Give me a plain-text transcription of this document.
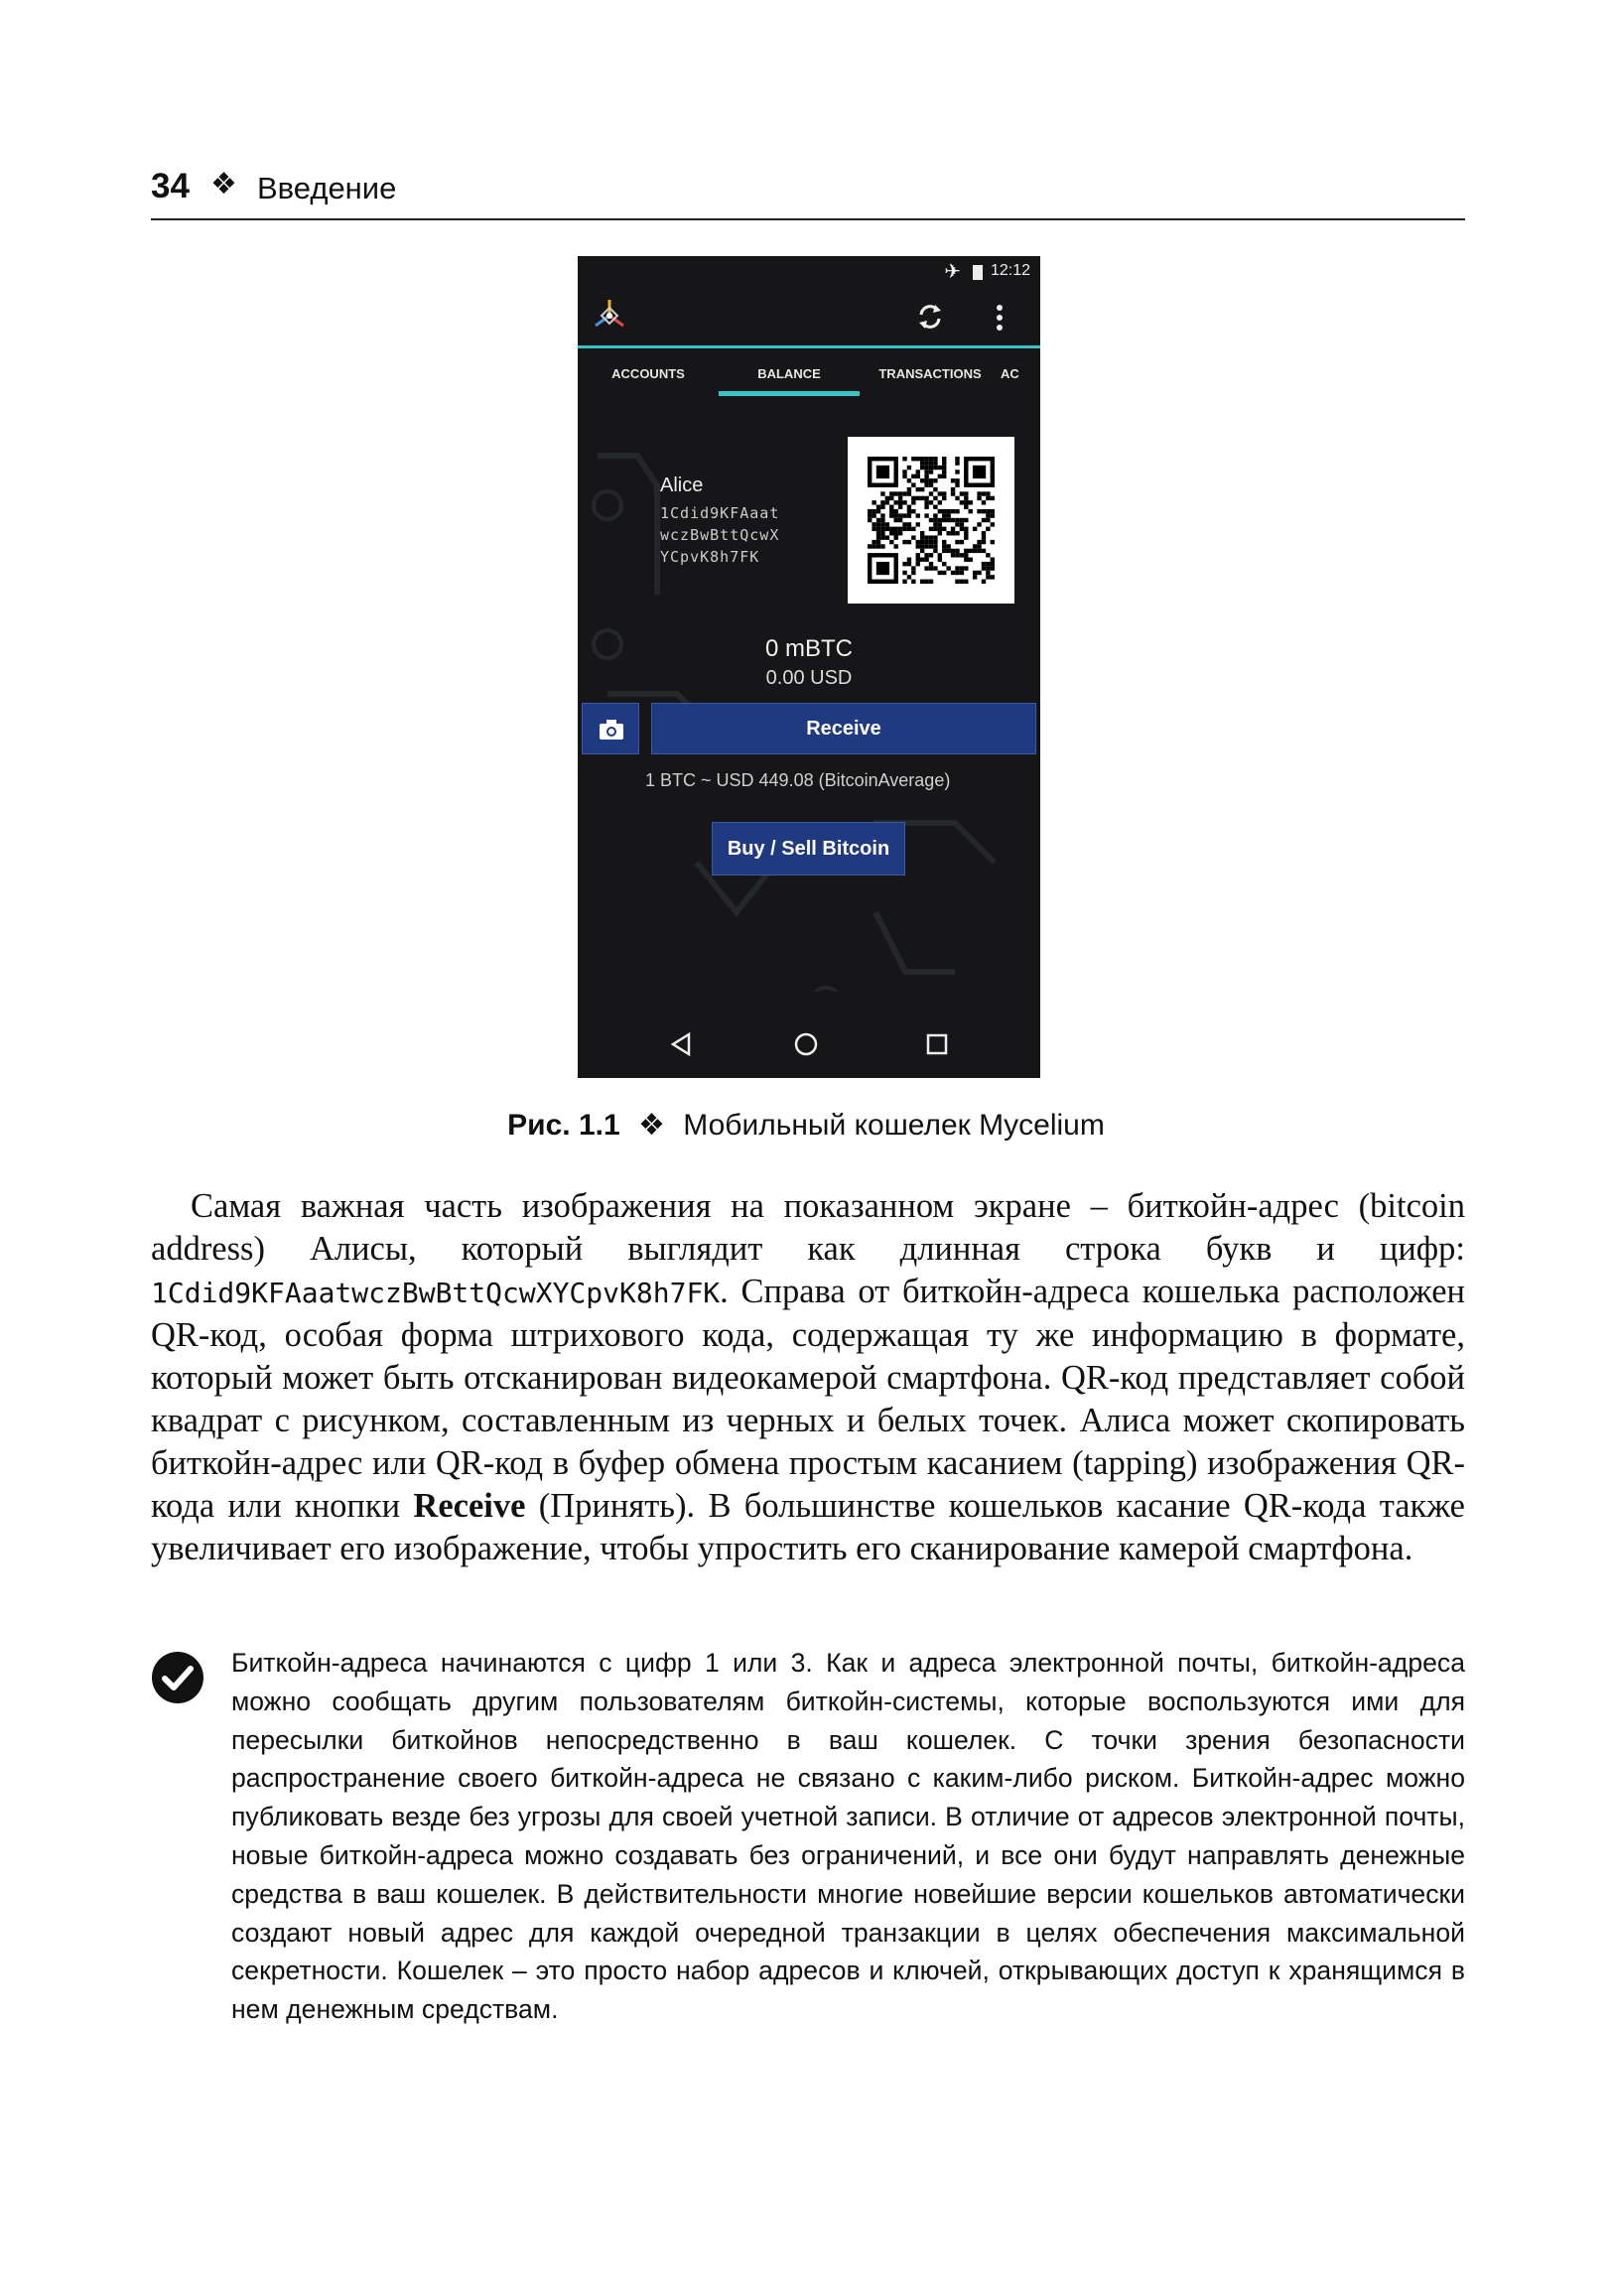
34 ❖ Введение
✈ 12:12
ACCOUNTS	BALANCE	TRANSACTIONS	AC
Alice
1Cdid9KFAaat
wczBwBttQcwX
YCpvK8h7FK
0 mBTC
0.00 USD
Receive
1 BTC ~ USD 449.08 (BitcoinAverage)
Buy / Sell Bitcoin
Рис. 1.1 ❖ Мобильный кошелек Mycelium

Самая важная часть изображения на показанном экране – биткойн-адрес (bitcoin address) Алисы, который выглядит как длинная строка букв и цифр: 1Cdid9KFAaatwczBwBttQcwXYCpvK8h7FK. Справа от биткойн-адреса кошелька расположен QR-код, особая форма штрихового кода, содержащая ту же информацию в формате, который может быть отсканирован видеокамерой смартфона. QR-код представляет собой квадрат с рисунком, составленным из черных и белых точек. Алиса может скопировать биткойн-адрес или QR-код в буфер обмена простым касанием (tapping) изображения QR-кода или кнопки Receive (Принять). В большинстве кошельков касание QR-кода также увеличивает его изображение, чтобы упростить его сканирование камерой смартфона.

Биткойн-адреса начинаются с цифр 1 или 3. Как и адреса электронной почты, биткойн-адреса можно сообщать другим пользователям биткойн-системы, которые воспользуются ими для пересылки биткойнов непосредственно в ваш кошелек. С точки зрения безопасности распространение своего биткойн-адреса не связано с каким-либо риском. Биткойн-адрес можно публиковать везде без угрозы для своей учетной записи. В отличие от адресов электронной почты, новые биткойн-адреса можно создавать без ограничений, и все они будут направлять денежные средства в ваш кошелек. В действительности многие новейшие версии кошельков автоматически создают новый адрес для каждой очередной транзакции в целях обеспечения максимальной секретности. Кошелек – это просто набор адресов и ключей, открывающих доступ к хранящимся в нем денежным средствам.
